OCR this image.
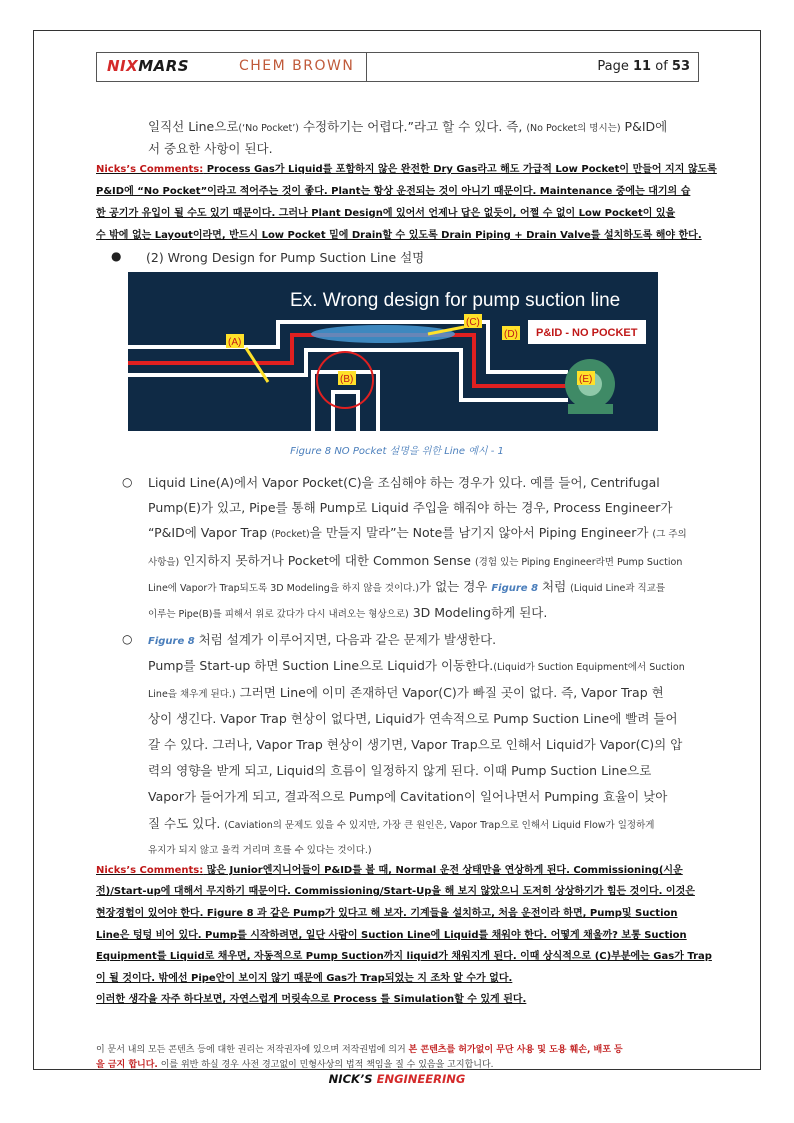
NIXMARS	CHEM BROWN	Page 11 of 53
일직선 Line으로(‘No Pocket’) 수정하기는 어렵다.”라고 할 수 있다. 즉, (No Pocket의 명시는) P&ID에
서 중요한 사항이 된다.
Nicks’s Comments: Process Gas가 Liquid를 포함하지 않은 완전한 Dry Gas라고 해도 가급적 Low Pocket이 만들어 지지 않도록
P&ID에 “No Pocket”이라고 적어주는 것이 좋다. Plant는 항상 운전되는 것이 아니기 때문이다. Maintenance 중에는 대기의 습
한 공기가 유입이 될 수도 있기 때문이다. 그러나 Plant Design에 있어서 언제나 답은 없듯이, 어쩔 수 없이 Low Pocket이 있을
수 밖에 없는 Layout이라면, 반드시 Low Pocket 밑에 Drain할 수 있도록 Drain Piping + Drain Valve를 설치하도록 해야 한다.
● (2) Wrong Design for Pump Suction Line 설명
Ex. Wrong design for pump suction line
(A)
(B)
(C)
(D)
(E)
P&ID - NO POCKET
Figure 8 NO Pocket 설명을 위한 Line 예시 - 1
○ Liquid Line(A)에서 Vapor Pocket(C)을 조심해야 하는 경우가 있다. 예를 들어, Centrifugal
Pump(E)가 있고, Pipe를 통해 Pump로 Liquid 주입을 해줘야 하는 경우, Process Engineer가
“P&ID에 Vapor Trap (Pocket)을 만들지 말라”는 Note를 남기지 않아서 Piping Engineer가 (그 주의
사항을) 인지하지 못하거나 Pocket에 대한 Common Sense (경험 있는 Piping Engineer라면 Pump Suction
Line에 Vapor가 Trap되도록 3D Modeling을 하지 않을 것이다.)가 없는 경우 Figure 8 처럼 (Liquid Line과 직교를
이루는 Pipe(B)를 피해서 위로 갔다가 다시 내려오는 형상으로) 3D Modeling하게 된다.
○ Figure 8 처럼 설계가 이루어지면, 다음과 같은 문제가 발생한다.
Pump를 Start-up 하면 Suction Line으로 Liquid가 이동한다.(Liquid가 Suction Equipment에서 Suction
Line을 채우게 된다.) 그러면 Line에 이미 존재하던 Vapor(C)가 빠질 곳이 없다. 즉, Vapor Trap 현
상이 생긴다. Vapor Trap 현상이 없다면, Liquid가 연속적으로 Pump Suction Line에 빨려 들어
갈 수 있다. 그러나, Vapor Trap 현상이 생기면, Vapor Trap으로 인해서 Liquid가 Vapor(C)의 압
력의 영향을 받게 되고, Liquid의 흐름이 일정하지 않게 된다. 이때 Pump Suction Line으로
Vapor가 들어가게 되고, 결과적으로 Pump에 Cavitation이 일어나면서 Pumping 효율이 낮아
질 수도 있다. (Caviation의 문제도 있을 수 있지만, 가장 큰 원인은, Vapor Trap으로 인해서 Liquid Flow가 일정하게
유지가 되지 않고 울컥 거리며 흐를 수 있다는 것이다.)
Nicks’s Comments: 많은 Junior엔지니어들이 P&ID를 볼 때, Normal 운전 상태만을 연상하게 된다. Commissioning(시운
전)/Start-up에 대해서 무지하기 때문이다. Commissioning/Start-Up을 해 보지 않았으니 도저히 상상하기가 힘든 것이다. 이것은
현장경험이 있어야 한다. Figure 8 과 같은 Pump가 있다고 해 보자. 기계들을 설치하고, 처음 운전이라 하면, Pump및 Suction
Line은 텅텅 비어 있다. Pump를 시작하려면, 일단 사람이 Suction Line에 Liquid를 채워야 한다. 어떻게 채울까? 보통 Suction
Equipment를 Liquid로 채우면, 자동적으로 Pump Suction까지 liquid가 채워지게 된다. 이때 상식적으로 (C)부분에는 Gas가 Trap
이 될 것이다. 밖에선 Pipe안이 보이지 않기 때문에 Gas가 Trap되었는 지 조차 알 수가 없다.
이러한 생각을 자주 하다보면, 자연스럽게 머릿속으로 Process 를 Simulation할 수 있게 된다.
이 문서 내의 모든 콘텐츠 등에 대한 권리는 저작권자에 있으며 저작권법에 의거 본 콘텐츠를 허가없이 무단 사용 및 도용 훼손, 배포 등
을 금지 합니다. 이를 위반 하실 경우 사전 경고없이 민형사상의 법적 책임을 질 수 있음을 고지합니다.
NICK’S ENGINEERING
